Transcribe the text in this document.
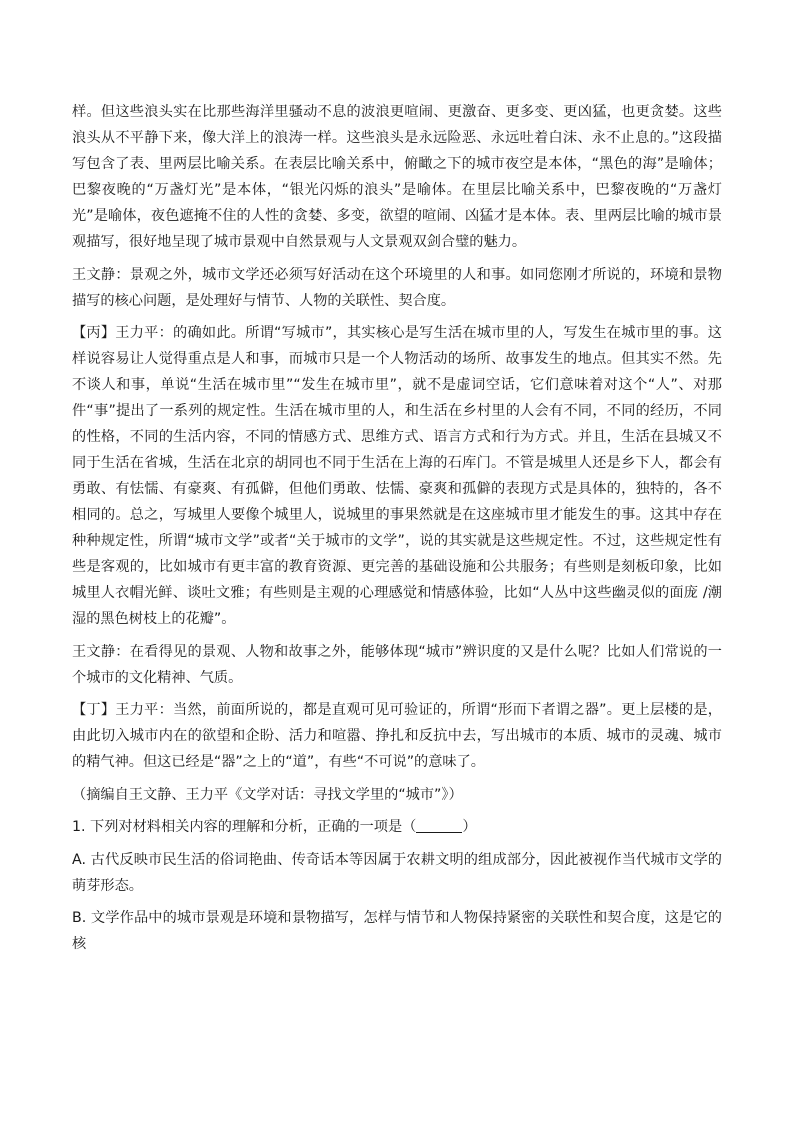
样。但这些浪头实在比那些海洋里骚动不息的波浪更喧闹、更激奋、更多变、更凶猛，也更贪婪。这些浪头从不平静下来，像大洋上的浪涛一样。这些浪头是永远险恶、永远吐着白沫、永不止息的。”这段描写包含了表、里两层比喻关系。在表层比喻关系中，俯瞰之下的城市夜空是本体，“黑色的海”是喻体；巴黎夜晚的“万盏灯光”是本体，“银光闪烁的浪头”是喻体。在里层比喻关系中，巴黎夜晚的“万盏灯光”是喻体，夜色遮掩不住的人性的贪婪、多变，欲望的喧闹、凶猛才是本体。表、里两层比喻的城市景观描写，很好地呈现了城市景观中自然景观与人文景观双剑合璧的魅力。

王文静：景观之外，城市文学还必须写好活动在这个环境里的人和事。如同您刚才所说的，环境和景物描写的核心问题，是处理好与情节、人物的关联性、契合度。

【丙】王力平：的确如此。所谓“写城市”，其实核心是写生活在城市里的人，写发生在城市里的事。这样说容易让人觉得重点是人和事，而城市只是一个人物活动的场所、故事发生的地点。但其实不然。先不谈人和事，单说“生活在城市里”“发生在城市里”，就不是虚词空话，它们意味着对这个“人”、对那件“事”提出了一系列的规定性。生活在城市里的人，和生活在乡村里的人会有不同，不同的经历，不同的性格，不同的生活内容，不同的情感方式、思维方式、语言方式和行为方式。并且，生活在县城又不同于生活在省城，生活在北京的胡同也不同于生活在上海的石库门。不管是城里人还是乡下人，都会有勇敢、有怯懦、有豪爽、有孤僻，但他们勇敢、怯懦、豪爽和孤僻的表现方式是具体的，独特的，各不相同的。总之，写城里人要像个城里人，说城里的事果然就是在这座城市里才能发生的事。这其中存在种种规定性，所谓“城市文学”或者“关于城市的文学”，说的其实就是这些规定性。不过，这些规定性有些是客观的，比如城市有更丰富的教育资源、更完善的基础设施和公共服务；有些则是刻板印象，比如城里人衣帽光鲜、谈吐文雅；有些则是主观的心理感觉和情感体验，比如“人丛中这些幽灵似的面庞 /潮湿的黑色树枝上的花瓣”。

王文静：在看得见的景观、人物和故事之外，能够体现“城市”辨识度的又是什么呢？比如人们常说的一个城市的文化精神、气质。

【丁】王力平：当然，前面所说的，都是直观可见可验证的，所谓“形而下者谓之器”。更上层楼的是，由此切入城市内在的欲望和企盼、活力和喧嚣、挣扎和反抗中去，写出城市的本质、城市的灵魂、城市的精气神。但这已经是“器”之上的“道”，有些“不可说”的意味了。

（摘编自王文静、王力平《文学对话：寻找文学里的“城市”》）

1. 下列对材料相关内容的理解和分析，正确的一项是（	）

A. 古代反映市民生活的俗词艳曲、传奇话本等因属于农耕文明的组成部分，因此被视作当代城市文学的萌芽形态。

B. 文学作品中的城市景观是环境和景物描写，怎样与情节和人物保持紧密的关联性和契合度，这是它的核
